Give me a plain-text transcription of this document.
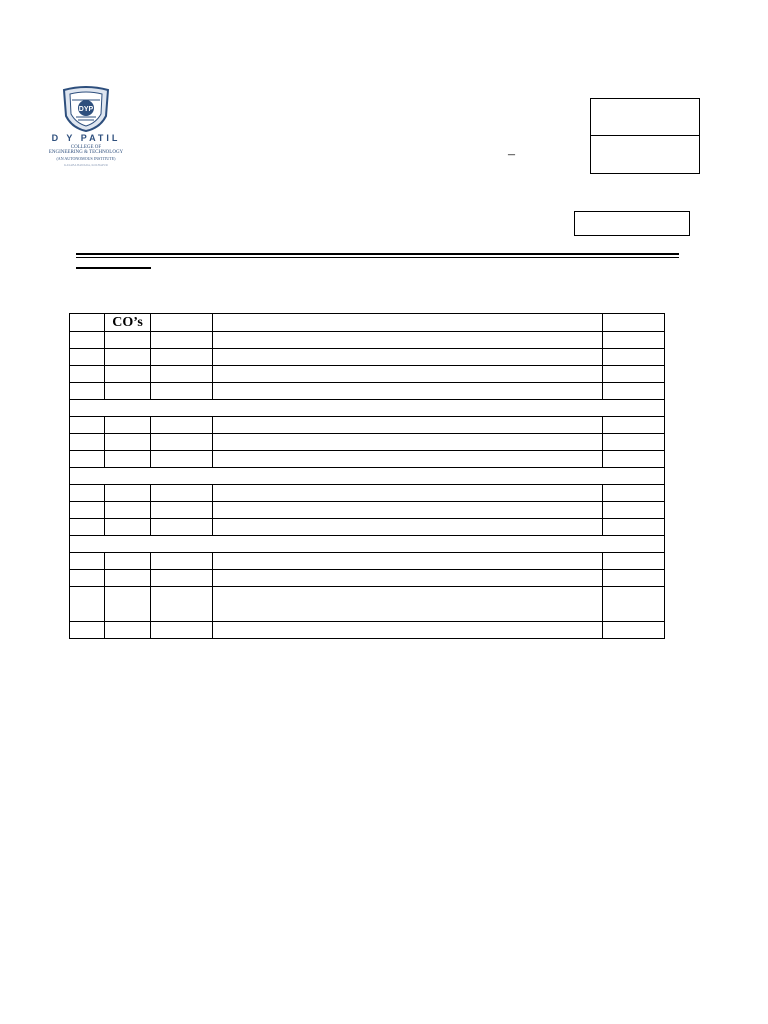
DYP
D Y PATIL
COLLEGE OF
ENGINEERING & TECHNOLOGY
(AN AUTONOMOUS INSTITUTE)
KASABA BAWADA, KOLHAPUR
–
	CO’s			
